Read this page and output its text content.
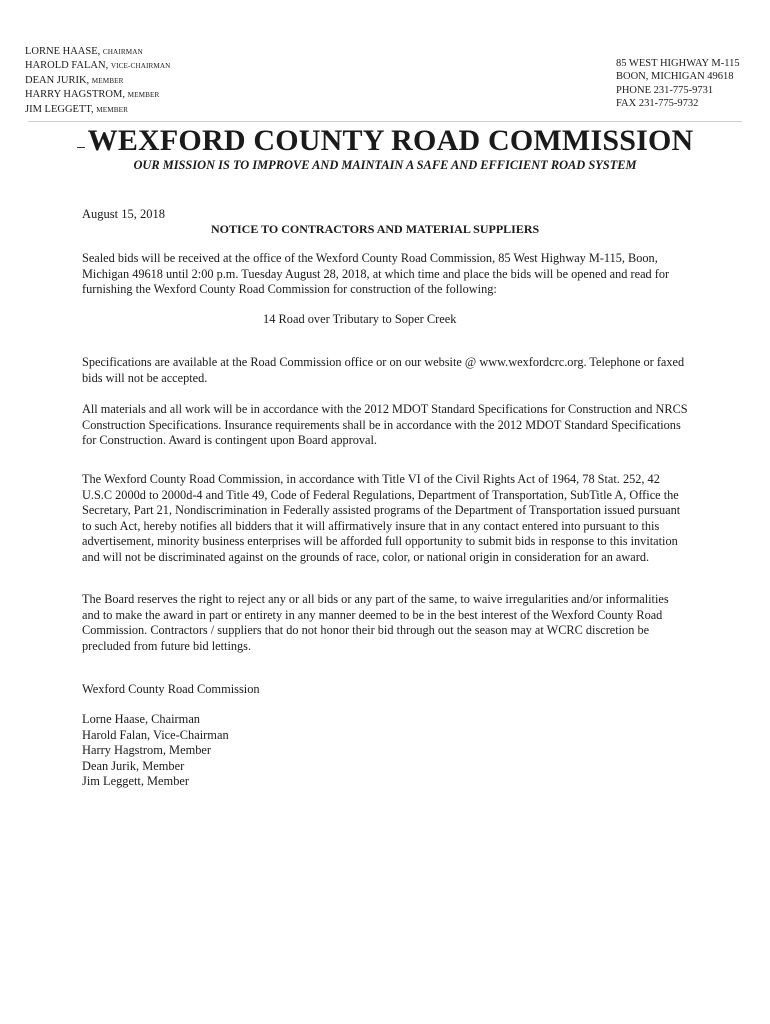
LORNE HAASE, CHAIRMAN
HAROLD FALAN, VICE-CHAIRMAN
DEAN JURIK, MEMBER
HARRY HAGSTROM, MEMBER
JIM LEGGETT, MEMBER
85 WEST HIGHWAY M-115
BOON, MICHIGAN 49618
PHONE 231-775-9731
FAX 231-775-9732
WEXFORD COUNTY ROAD COMMISSION
OUR MISSION IS TO IMPROVE AND MAINTAIN A SAFE AND EFFICIENT ROAD SYSTEM
August 15, 2018
NOTICE TO CONTRACTORS AND MATERIAL SUPPLIERS

Sealed bids will be received at the office of the Wexford County Road Commission, 85 West Highway M-115, Boon, Michigan 49618 until 2:00 p.m. Tuesday August 28, 2018, at which time and place the bids will be opened and read for furnishing the Wexford County Road Commission for construction of the following:

14 Road over Tributary to Soper Creek

Specifications are available at the Road Commission office or on our website @ www.wexfordcrc.org. Telephone or faxed bids will not be accepted.

All materials and all work will be in accordance with the 2012 MDOT Standard Specifications for Construction and NRCS Construction Specifications. Insurance requirements shall be in accordance with the 2012 MDOT Standard Specifications for Construction. Award is contingent upon Board approval.

The Wexford County Road Commission, in accordance with Title VI of the Civil Rights Act of 1964, 78 Stat. 252, 42 U.S.C 2000d to 2000d-4 and Title 49, Code of Federal Regulations, Department of Transportation, SubTitle A, Office the Secretary, Part 21, Nondiscrimination in Federally assisted programs of the Department of Transportation issued pursuant to such Act, hereby notifies all bidders that it will affirmatively insure that in any contact entered into pursuant to this advertisement, minority business enterprises will be afforded full opportunity to submit bids in response to this invitation and will not be discriminated against on the grounds of race, color, or national origin in consideration for an award.

The Board reserves the right to reject any or all bids or any part of the same, to waive irregularities and/or informalities and to make the award in part or entirety in any manner deemed to be in the best interest of the Wexford County Road Commission. Contractors / suppliers that do not honor their bid through out the season may at WCRC discretion be precluded from future bid lettings.

Wexford County Road Commission
Lorne Haase, Chairman
Harold Falan, Vice-Chairman
Harry Hagstrom, Member
Dean Jurik, Member
Jim Leggett, Member
